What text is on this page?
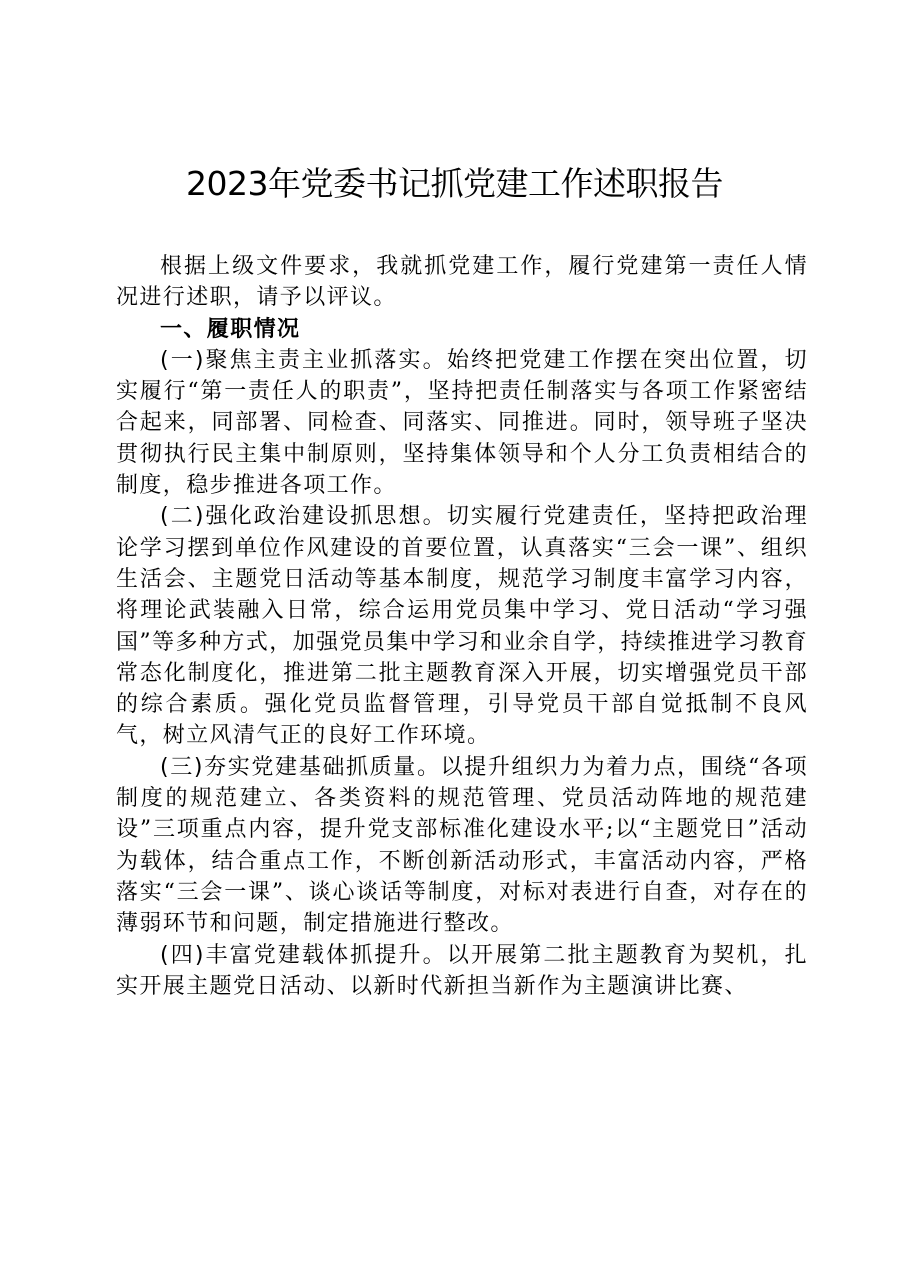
2023年党委书记抓党建工作述职报告

根据上级文件要求，我就抓党建工作，履行党建第一责任人情况进行述职，请予以评议。

一、履职情况

(一)聚焦主责主业抓落实。始终把党建工作摆在突出位置，切实履行“第一责任人的职责”，坚持把责任制落实与各项工作紧密结合起来，同部署、同检查、同落实、同推进。同时，领导班子坚决贯彻执行民主集中制原则，坚持集体领导和个人分工负责相结合的制度，稳步推进各项工作。

(二)强化政治建设抓思想。切实履行党建责任，坚持把政治理论学习摆到单位作风建设的首要位置，认真落实“三会一课”、组织生活会、主题党日活动等基本制度，规范学习制度丰富学习内容，将理论武装融入日常，综合运用党员集中学习、党日活动“学习强国”等多种方式，加强党员集中学习和业余自学，持续推进学习教育常态化制度化，推进第二批主题教育深入开展，切实增强党员干部的综合素质。强化党员监督管理，引导党员干部自觉抵制不良风气，树立风清气正的良好工作环境。

(三)夯实党建基础抓质量。以提升组织力为着力点，围绕“各项制度的规范建立、各类资料的规范管理、党员活动阵地的规范建设”三项重点内容，提升党支部标准化建设水平;以“主题党日”活动为载体，结合重点工作，不断创新活动形式，丰富活动内容，严格落实“三会一课”、谈心谈话等制度，对标对表进行自查，对存在的薄弱环节和问题，制定措施进行整改。

(四)丰富党建载体抓提升。以开展第二批主题教育为契机，扎实开展主题党日活动、以新时代新担当新作为主题演讲比赛、
